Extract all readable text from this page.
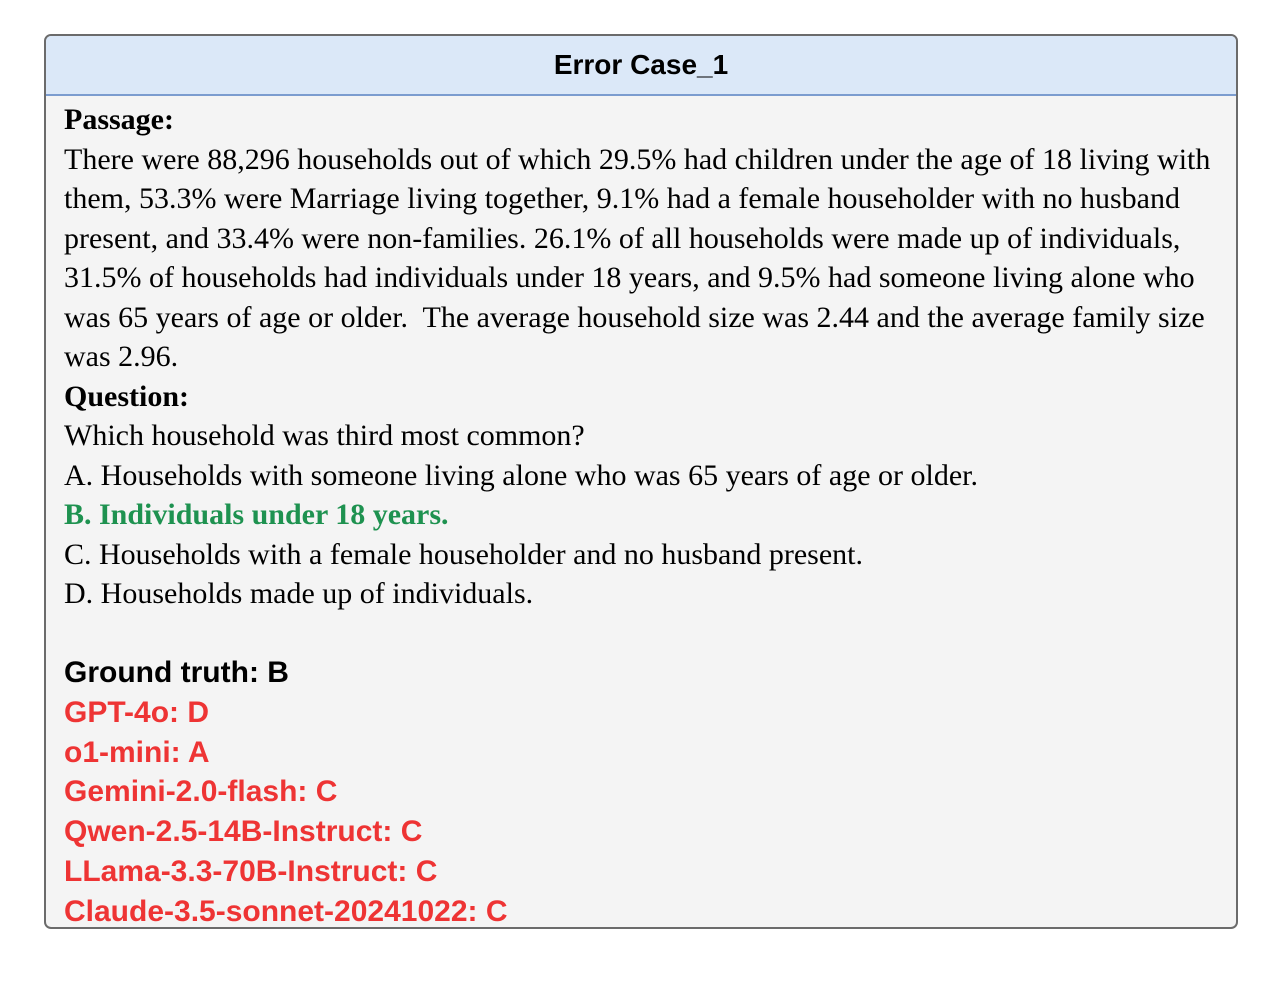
Error Case_1
Passage:
There were 88,296 households out of which 29.5% had children under the age of 18 living with them, 53.3% were Marriage living together, 9.1% had a female householder with no husband present, and 33.4% were non-families. 26.1% of all households were made up of individuals, 31.5% of households had individuals under 18 years, and 9.5% had someone living alone who was 65 years of age or older.  The average household size was 2.44 and the average family size was 2.96.
Question:
Which household was third most common?
A. Households with someone living alone who was 65 years of age or older.
B. Individuals under 18 years.
C. Households with a female householder and no husband present.
D. Households made up of individuals.
Ground truth: B
GPT-4o: D
o1-mini: A
Gemini-2.0-flash: C
Qwen-2.5-14B-Instruct: C
LLama-3.3-70B-Instruct: C
Claude-3.5-sonnet-20241022: C
